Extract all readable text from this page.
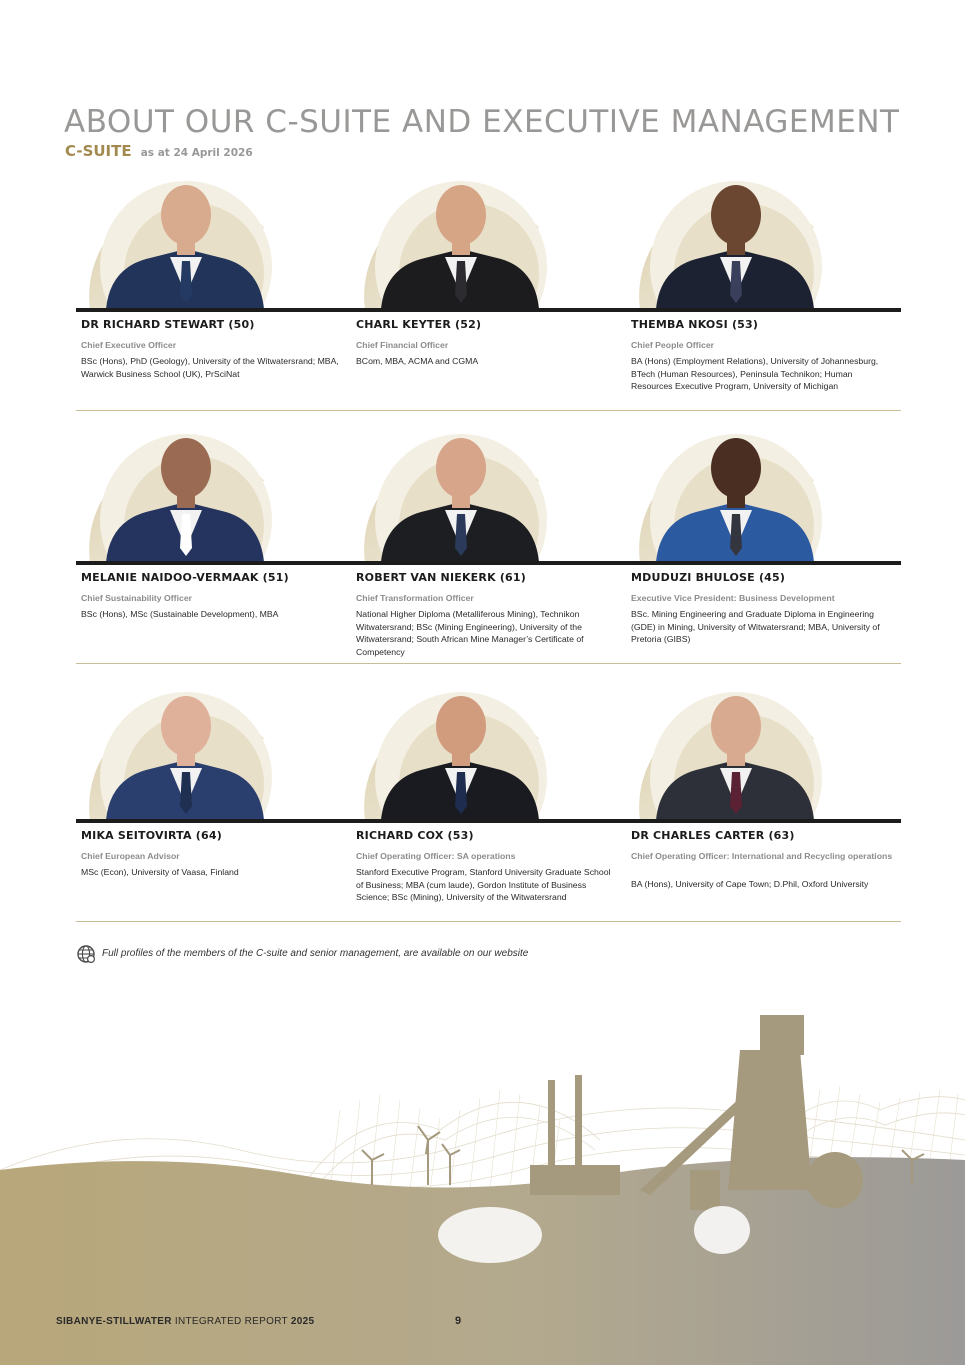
ABOUT OUR C-SUITE AND EXECUTIVE MANAGEMENT
C-SUITE as at 24 April 2026
DR RICHARD STEWART (50)
Chief Executive Officer
BSc (Hons), PhD (Geology), University of the Witwatersrand; MBA, Warwick Business School (UK), PrSciNat
CHARL KEYTER (52)
Chief Financial Officer
BCom, MBA, ACMA and CGMA
THEMBA NKOSI (53)
Chief People Officer
BA (Hons) (Employment Relations), University of Johannesburg, BTech (Human Resources), Peninsula Technikon; Human Resources Executive Program, University of Michigan
MELANIE NAIDOO-VERMAAK (51)
Chief Sustainability Officer
BSc (Hons), MSc (Sustainable Development), MBA
ROBERT VAN NIEKERK (61)
Chief Transformation Officer
National Higher Diploma (Metalliferous Mining), Technikon Witwatersrand; BSc (Mining Engineering), University of the Witwatersrand; South African Mine Manager’s Certificate of Competency
MDUDUZI BHULOSE (45)
Executive Vice President: Business Development
BSc. Mining Engineering and Graduate Diploma in Engineering (GDE) in Mining, University of Witwatersrand; MBA, University of Pretoria (GIBS)
MIKA SEITOVIRTA (64)
Chief European Advisor
MSc (Econ), University of Vaasa, Finland
RICHARD COX (53)
Chief Operating Officer: SA operations
Stanford Executive Program, Stanford University Graduate School of Business; MBA (cum laude), Gordon Institute of Business Science; BSc (Mining), University of the Witwatersrand
DR CHARLES CARTER (63)
Chief Operating Officer: International and Recycling operations
BA (Hons), University of Cape Town; D.Phil, Oxford University
Full profiles of the members of the C-suite and senior management, are available on our website
SIBANYE-STILLWATER INTEGRATED REPORT 2025	9
